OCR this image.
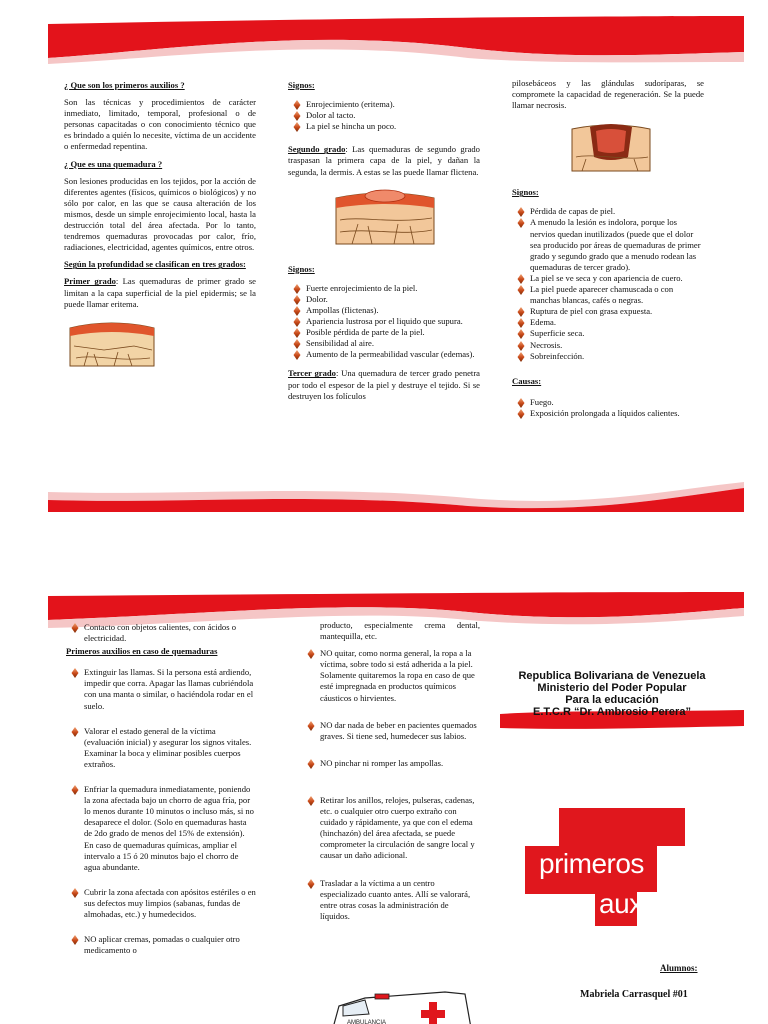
¿ Que son los primeros auxilios ?

Son las técnicas y procedimientos de carácter inmediato, limitado, temporal, profesional o de personas capacitadas o con conocimiento técnico que es brindado a quién lo necesite, víctima de un accidente o enfermedad repentina.

¿ Que es una quemadura ?

Son lesiones producidas en los tejidos, por la acción de diferentes agentes (físicos, químicos o biológicos) y no sólo por calor, en las que se causa alteración de los mismos, desde un simple enrojecimiento local, hasta la destrucción total del área afectada. Por lo tanto, tendremos quemaduras provocadas por calor, frío, radiaciones, electricidad, agentes químicos, entre otros.

Según la profundidad se clasifican en tres grados:

Primer grado: Las quemaduras de primer grado se limitan a la capa superficial de la piel epidermis; se la puede llamar eritema.

Signos:
Enrojecimiento (eritema).
Dolor al tacto.
La piel se hincha un poco.

Segundo grado: Las quemaduras de segundo grado traspasan la primera capa de la piel, y dañan la segunda, la dermis. A estas se las puede llamar flictena.

Signos:
Fuerte enrojecimiento de la piel.
Dolor.
Ampollas (flictenas).
Apariencia lustrosa por el liquido que supura.
Posible pérdida de parte de la piel.
Sensibilidad al aire.
Aumento de la permeabilidad vascular (edemas).

Tercer grado: Una quemadura de tercer grado penetra por todo el espesor de la piel y destruye el tejido. Si se destruyen los folículos

pilosebáceos y las glándulas sudoríparas, se compromete la capacidad de regeneración. Se la puede llamar necrosis.

Signos:
Pérdida de capas de piel.
A menudo la lesión es indolora, porque los nervios quedan inutilizados (puede que el dolor sea producido por áreas de quemaduras de primer grado y segundo grado que a menudo rodean las quemaduras de tercer grado).
La piel se ve seca y con apariencia de cuero.
La piel puede aparecer chamuscada o con manchas blancas, cafés o negras.
Ruptura de piel con grasa expuesta.
Edema.
Superficie seca.
Necrosis.
Sobreinfección.
Causas:
Fuego.
Exposición prolongada a líquidos calientes.
Contacto con objetos calientes, con ácidos o electricidad.
Primeros auxilios en caso de quemaduras
Extinguir las llamas. Si la persona está ardiendo, impedir que corra. Apagar las llamas cubriéndola con una manta o similar, o haciéndola rodar en el suelo.
Valorar el estado general de la víctima (evaluación inicial) y asegurar los signos vitales. Examinar la boca y eliminar posibles cuerpos extraños.
Enfriar la quemadura inmediatamente, poniendo la zona afectada bajo un chorro de agua fría, por lo menos durante 10 minutos o incluso más, si no desaparece el dolor. (Solo en quemaduras hasta de 2do grado de menos del 15% de extensión). En caso de quemaduras químicas, ampliar el intervalo a 15 ó 20 minutos bajo el chorro de agua abundante.
Cubrir la zona afectada con apósitos estériles o en sus defectos muy limpios (sabanas, fundas de almohadas, etc.) y humedecidos.
NO aplicar cremas, pomadas o cualquier otro medicamento o

producto, especialmente crema dental, mantequilla, etc.

NO quitar, como norma general, la ropa a la víctima, sobre todo si está adherida a la piel. Solamente quitaremos la ropa en caso de que esté impregnada en productos químicos cáusticos o hirvientes.
NO dar nada de beber en pacientes quemados graves. Si tiene sed, humedecer sus labios.
NO pinchar ni romper las ampollas.
Retirar los anillos, relojes, pulseras, cadenas, etc. o cualquier otro cuerpo extraño con cuidado y rápidamente, ya que con el edema (hinchazón) del área afectada, se puede comprometer la circulación de sangre local y causar un daño adicional.
Trasladar a la víctima a un centro especializado cuanto antes. Allí se valorará, entre otras cosas la administración de líquidos.
AMBULANCIA
Republica Bolivariana de Venezuela
Ministerio del Poder Popular
Para la educación
E.T.C.R “Dr. Ambrosio Perera”
primeros
auxilios
Alumnos:
Mabriela Carrasquel #01
